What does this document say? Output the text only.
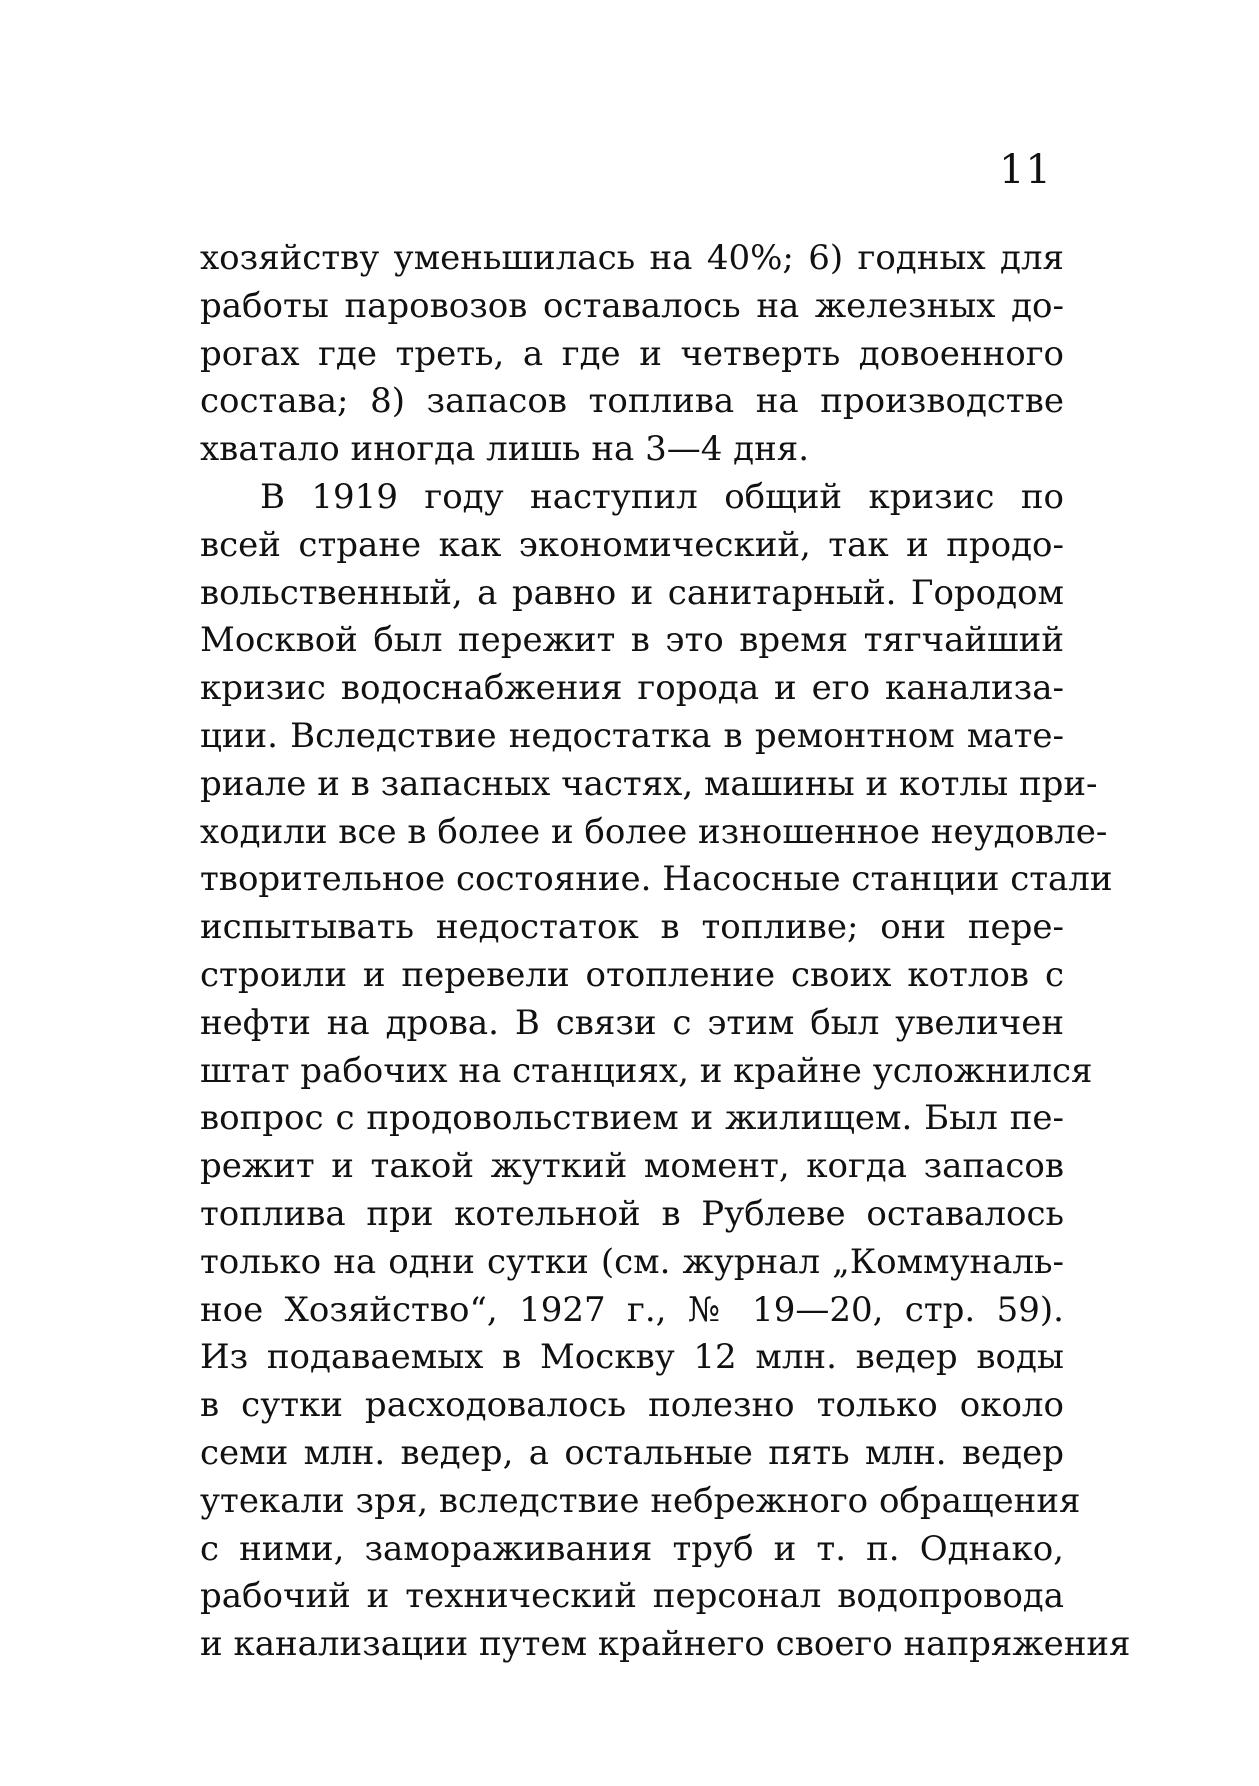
11
хозяйству уменьшилась на 40%; 6) годных для
работы паровозов оставалось на железных до-
рогах где треть, а где и четверть довоенного
состава; 8) запасов топлива на производстве
хватало иногда лишь на 3—4 дня.
В 1919 году наступил общий кризис по
всей стране как экономический, так и продо-
вольственный, а равно и санитарный. Городом
Москвой был пережит в это время тягчайший
кризис водоснабжения города и его канализа-
ции. Вследствие недостатка в ремонтном мате-
риале и в запасных частях, машины и котлы при-
ходили все в более и более изношенное неудовле-
творительное состояние. Насосные станции стали
испытывать недостаток в топливе; они пере-
строили и перевели отопление своих котлов с
нефти на дрова. В связи с этим был увеличен
штат рабочих на станциях, и крайне усложнился
вопрос с продовольствием и жилищем. Был пе-
режит и такой жуткий момент, когда запасов
топлива при котельной в Рублеве оставалось
только на одни сутки (см. журнал „Коммуналь-
ное Хозяйство“, 1927 г., № 19—20, стр. 59).
Из подаваемых в Москву 12 млн. ведер воды
в сутки расходовалось полезно только около
семи млн. ведер, а остальные пять млн. ведер
утекали зря, вследствие небрежного обращения
с ними, замораживания труб и т. п. Однако,
рабочий и технический персонал водопровода
и канализации путем крайнего своего напряжения
